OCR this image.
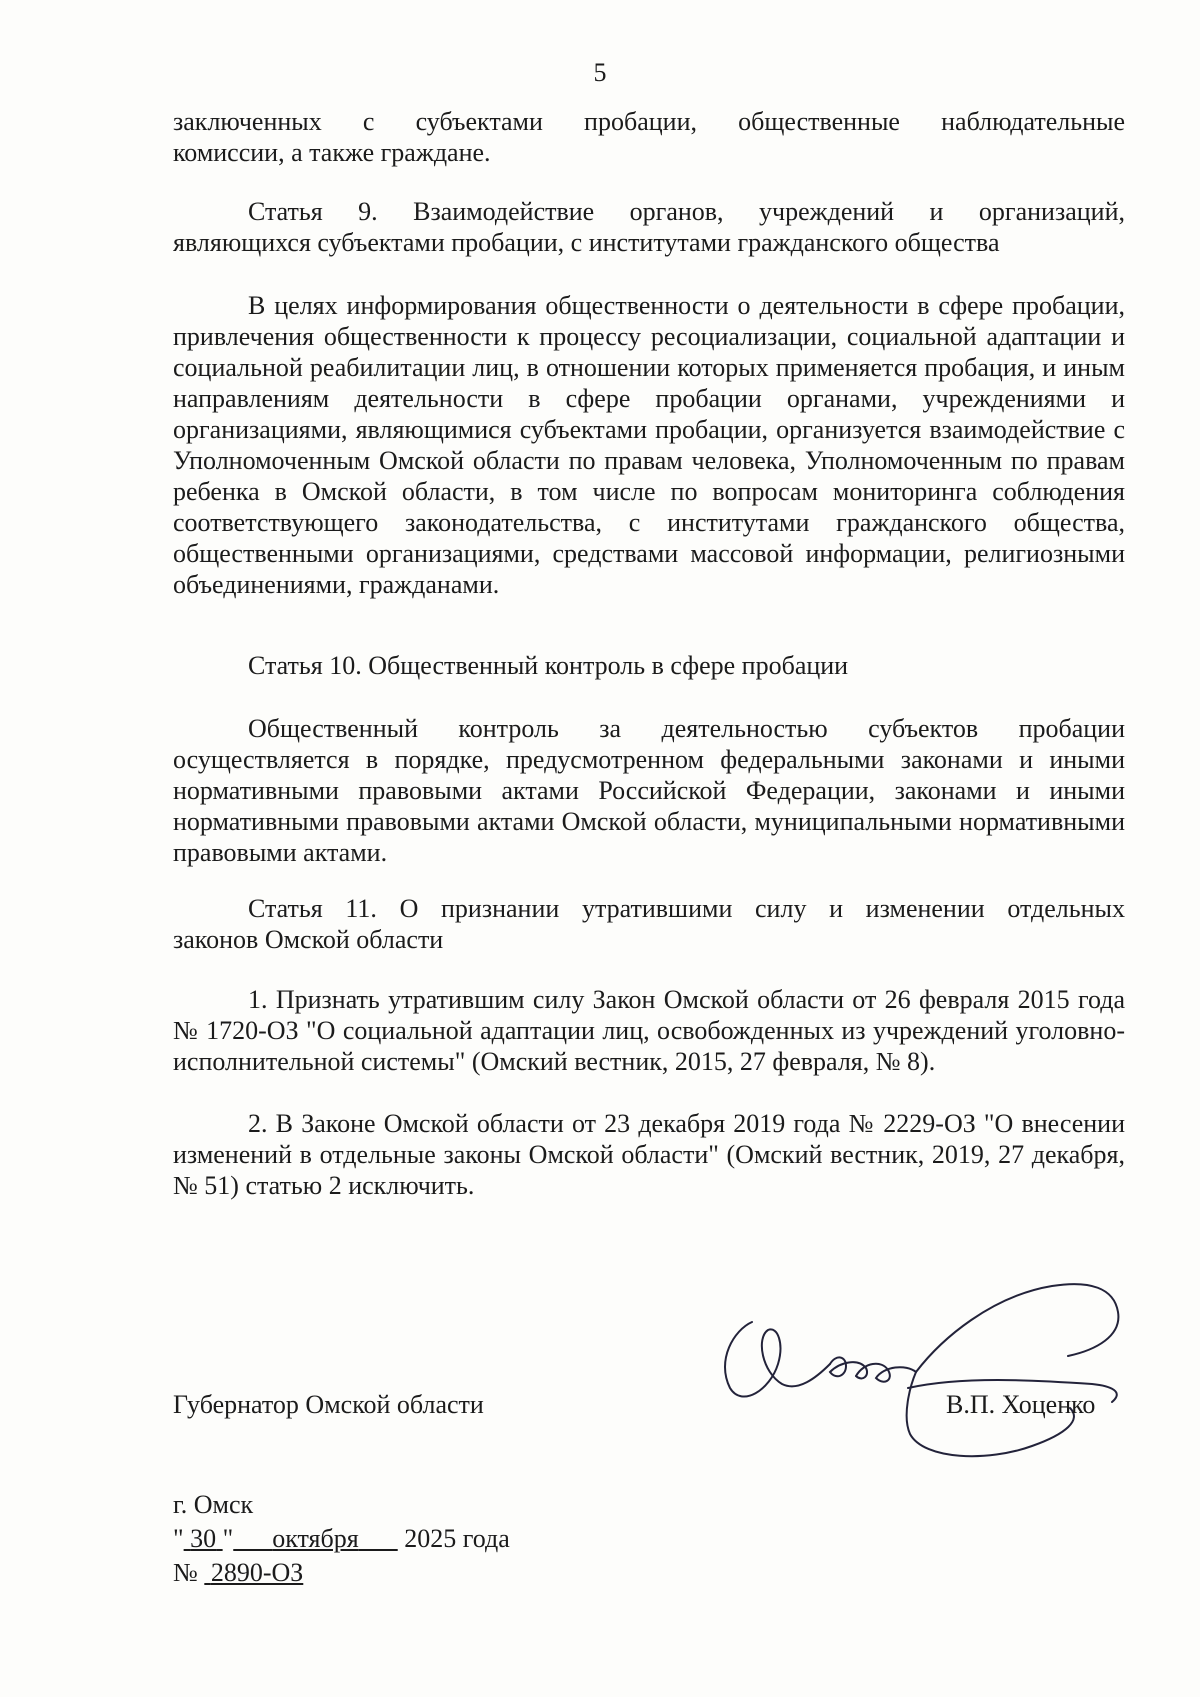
5

заключенных с субъектами пробации, общественные наблюдательные
комиссии, а также граждане.

Статья 9. Взаимодействие органов, учреждений и организаций,
являющихся субъектами пробации, с институтами гражданского общества

В целях информирования общественности о деятельности в сфере пробации, привлечения общественности к процессу ресоциализации, социальной адаптации и социальной реабилитации лиц, в отношении которых применяется пробация, и иным направлениям деятельности в сфере пробации органами, учреждениями и организациями, являющимися субъектами пробации, организуется взаимодействие с Уполномоченным Омской области по правам человека, Уполномоченным по правам ребенка в Омской области, в том числе по вопросам мониторинга соблюдения соответствующего законодательства, с институтами гражданского общества, общественными организациями, средствами массовой информации, религиозными объединениями, гражданами.

Статья 10. Общественный контроль в сфере пробации

Общественный контроль за деятельностью субъектов пробации осуществляется в порядке, предусмотренном федеральными законами и иными нормативными правовыми актами Российской Федерации, законами и иными нормативными правовыми актами Омской области, муниципальными нормативными правовыми актами.

Статья 11. О признании утратившими силу и изменении отдельных
законов Омской области

1. Признать утратившим силу Закон Омской области от 26 февраля 2015 года № 1720-ОЗ "О социальной адаптации лиц, освобожденных из учреждений уголовно-исполнительной системы" (Омский вестник, 2015, 27 февраля, № 8).

2. В Законе Омской области от 23 декабря 2019 года № 2229-ОЗ "О внесении изменений в отдельные законы Омской области" (Омский вестник, 2019, 27 декабря, № 51) статью 2 исключить.

Губернатор Омской области	В.П. Хоценко
г. Омск
" 30 " октября 2025 года
№ 2890-ОЗ
